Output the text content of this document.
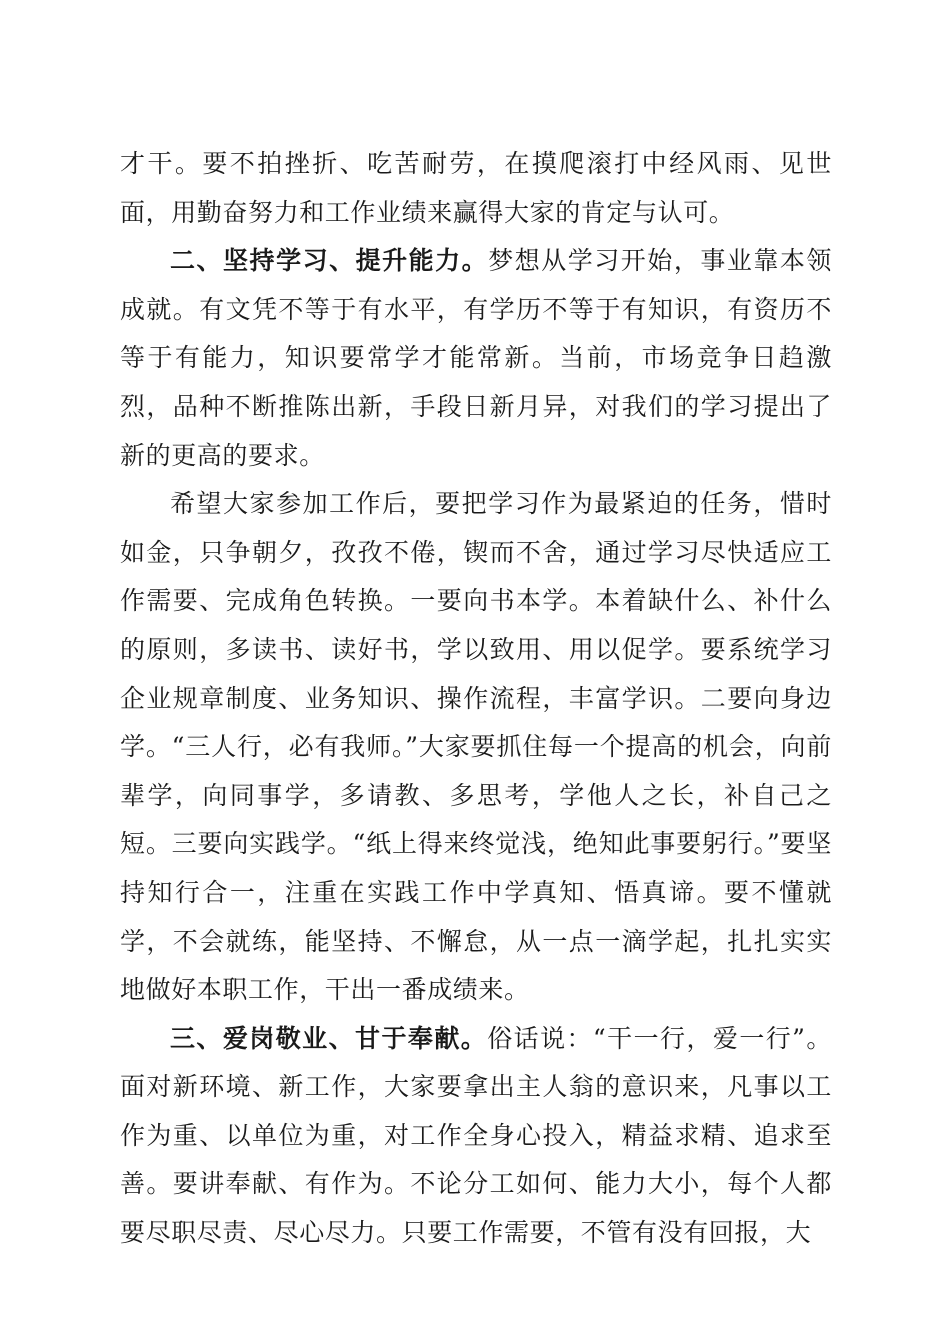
才干。要不拍挫折、吃苦耐劳，在摸爬滚打中经风雨、见世面，用勤奋努力和工作业绩来赢得大家的肯定与认可。

二、坚持学习、提升能力。梦想从学习开始，事业靠本领成就。有文凭不等于有水平，有学历不等于有知识，有资历不等于有能力，知识要常学才能常新。当前，市场竞争日趋激烈，品种不断推陈出新，手段日新月异，对我们的学习提出了新的更高的要求。

希望大家参加工作后，要把学习作为最紧迫的任务，惜时如金，只争朝夕，孜孜不倦，锲而不舍，通过学习尽快适应工作需要、完成角色转换。一要向书本学。本着缺什么、补什么的原则，多读书、读好书，学以致用、用以促学。要系统学习企业规章制度、业务知识、操作流程，丰富学识。二要向身边学。“三人行，必有我师。”大家要抓住每一个提高的机会，向前辈学，向同事学，多请教、多思考，学他人之长，补自己之短。三要向实践学。“纸上得来终觉浅，绝知此事要躬行。”要坚持知行合一，注重在实践工作中学真知、悟真谛。要不懂就学，不会就练，能坚持、不懈怠，从一点一滴学起，扎扎实实地做好本职工作，干出一番成绩来。

三、爱岗敬业、甘于奉献。俗话说：“干一行，爱一行”。面对新环境、新工作，大家要拿出主人翁的意识来，凡事以工作为重、以单位为重，对工作全身心投入，精益求精、追求至善。要讲奉献、有作为。不论分工如何、能力大小，每个人都要尽职尽责、尽心尽力。只要工作需要，不管有没有回报，大
